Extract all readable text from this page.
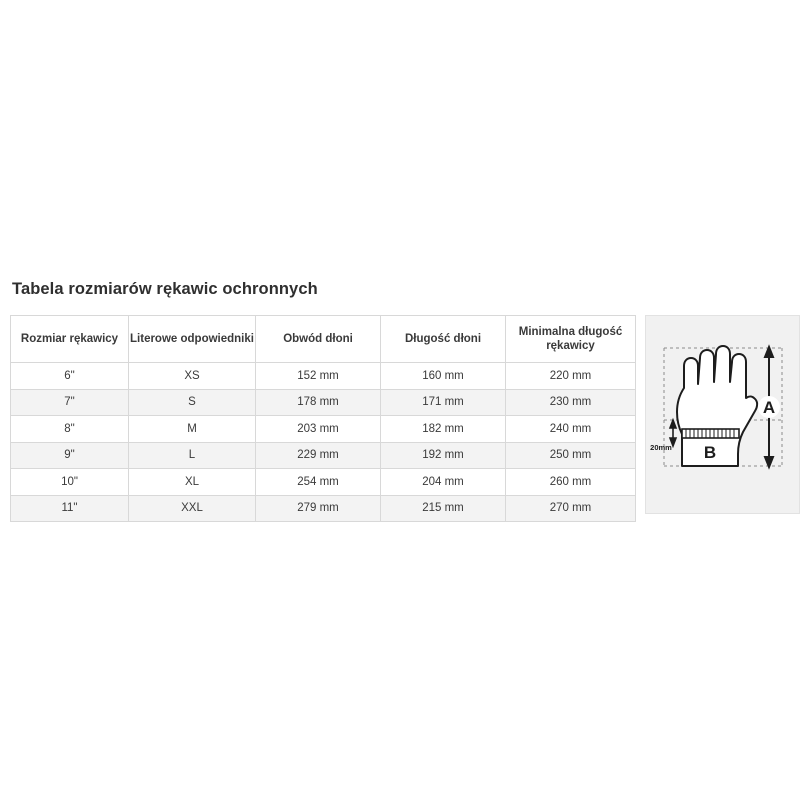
Tabela rozmiarów rękawic ochronnych
Rozmiar rękawicy	Literowe odpowiedniki	Obwód dłoni	Długość dłoni	Minimalna długość rękawicy
6"	XS	152 mm	160 mm	220 mm
7"	S	178 mm	171 mm	230 mm
8"	M	203 mm	182 mm	240 mm
9"	L	229 mm	192 mm	250 mm
10"	XL	254 mm	204 mm	260 mm
11"	XXL	279 mm	215 mm	270 mm
A
20mm B
